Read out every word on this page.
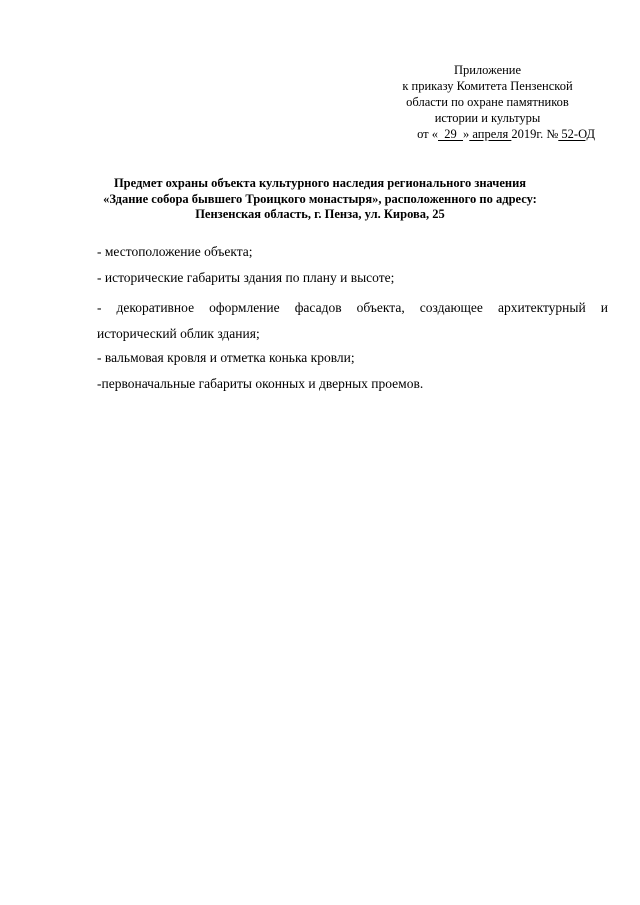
Приложение
к приказу Комитета Пензенской
области по охране памятников
истории и культуры
от «  29  » апреля 2019г. № 52-ОД
Предмет охраны объекта культурного наследия регионального значения
«Здание собора бывшего Троицкого монастыря», расположенного по адресу:
Пензенская область, г. Пенза, ул. Кирова, 25

- местоположение объекта;

- исторические габариты здания по плану и высоте;

- декоративное оформление фасадов объекта, создающее архитектурный и исторический облик здания;

- вальмовая кровля и отметка конька кровли;

-первоначальные габариты оконных и дверных проемов.
